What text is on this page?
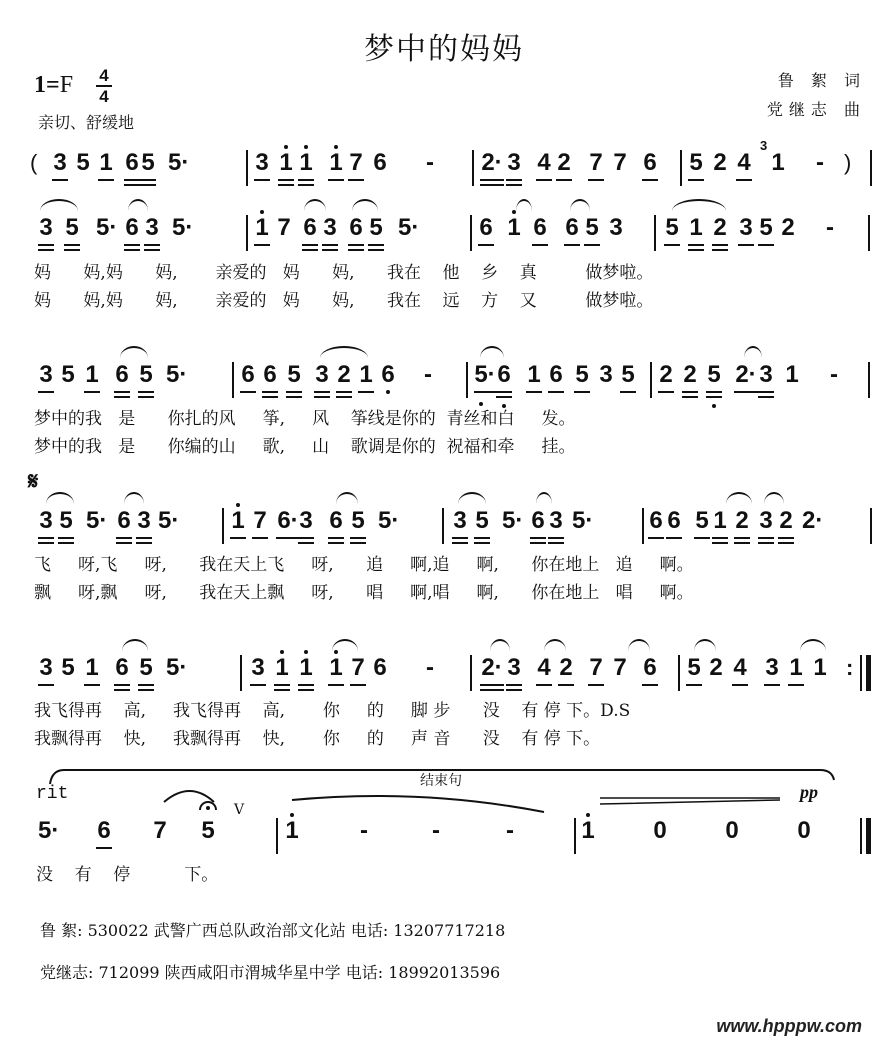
梦中的妈妈
1=F 4
4
亲切、舒缓地
鲁 絮 词
党继志 曲
( 3 5 1 6 5 5·	3 1 1 1 7 6 - 2· 3 4 2 7 7 6 5 2 4
3
1 - )
3 5 5· 6 3 5·	1 7 6 3 6 5 5· 6 1 6 6 5 3 5 1 2 3 5 2 -
妈      妈,妈      妈,       亲爱的   妈      妈,      我在    他    乡    真         做梦啦。
妈      妈,妈      妈,       亲爱的   妈      妈,      我在    远    方    又         做梦啦。
3 5 1 6 5 5· 6 6 5 3 2 1 6 - 5· 6 1 6 5 3 5 2 2 5 2· 3 1 -
梦中的我   是      你扎的风     筝,     风    筝线是你的  青丝和白     发。
梦中的我   是      你编的山     歌,     山    歌调是你的  祝福和牵     挂。
𝄋
3 5 5· 6 3 5· 1 7 6· 3 6 5 5· 3 5 5· 6 3 5· 6 6 5 1 2 3 2 2·
飞     呀,飞     呀,      我在天上飞     呀,      追     啊,追     啊,      你在地上   追     啊。
飘     呀,飘     呀,      我在天上飘     呀,      唱     啊,唱     啊,      你在地上   唱     啊。
3 5 1 6 5 5·	3 1 1 1 7 6 - 2· 3 4 2 7 7 6 5 2 4 3 1 1 :
我飞得再    高,     我飞得再    高,       你     的     脚 步      没    有 停 下。D.S
我飘得再    快,     我飘得再    快,       你     的     声 音      没    有 停 下。
rit
结束句
pp
5· 6 7 5
V
1	-	-	-	1 0 0 0
没    有    停          下。
鲁 絮: 530022 武警广西总队政治部文化站 电话: 13207717218
党继志: 712099 陕西咸阳市渭城华星中学 电话: 18992013596
www.hpppw.com
